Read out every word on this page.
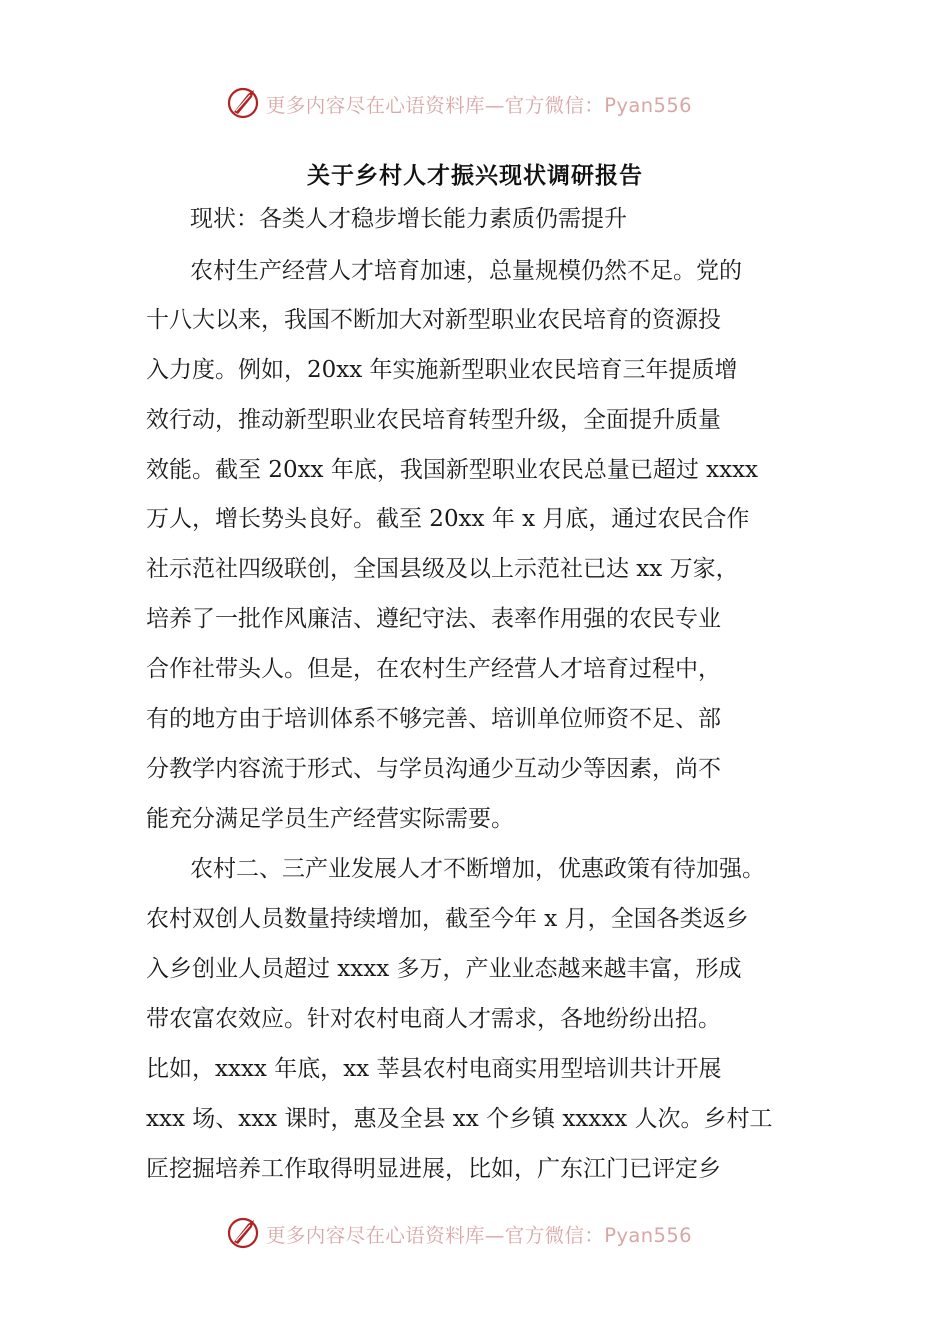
更多内容尽在心语资料库—官方微信：Pyan556
关于乡村人才振兴现状调研报告
现状：各类人才稳步增长能力素质仍需提升
农村生产经营人才培育加速，总量规模仍然不足。党的
十八大以来，我国不断加大对新型职业农民培育的资源投
入力度。例如，20xx 年实施新型职业农民培育三年提质增
效行动，推动新型职业农民培育转型升级，全面提升质量
效能。截至 20xx 年底，我国新型职业农民总量已超过 xxxx
万人，增长势头良好。截至 20xx 年 x 月底，通过农民合作
社示范社四级联创，全国县级及以上示范社已达 xx 万家，
培养了一批作风廉洁、遵纪守法、表率作用强的农民专业
合作社带头人。但是，在农村生产经营人才培育过程中，
有的地方由于培训体系不够完善、培训单位师资不足、部
分教学内容流于形式、与学员沟通少互动少等因素，尚不
能充分满足学员生产经营实际需要。
农村二、三产业发展人才不断增加，优惠政策有待加强。
农村双创人员数量持续增加，截至今年 x 月，全国各类返乡
入乡创业人员超过 xxxx 多万，产业业态越来越丰富，形成
带农富农效应。针对农村电商人才需求，各地纷纷出招。
比如，xxxx 年底，xx 莘县农村电商实用型培训共计开展
xxx 场、xxx 课时，惠及全县 xx 个乡镇 xxxxx 人次。乡村工
匠挖掘培养工作取得明显进展，比如，广东江门已评定乡
更多内容尽在心语资料库—官方微信：Pyan556
